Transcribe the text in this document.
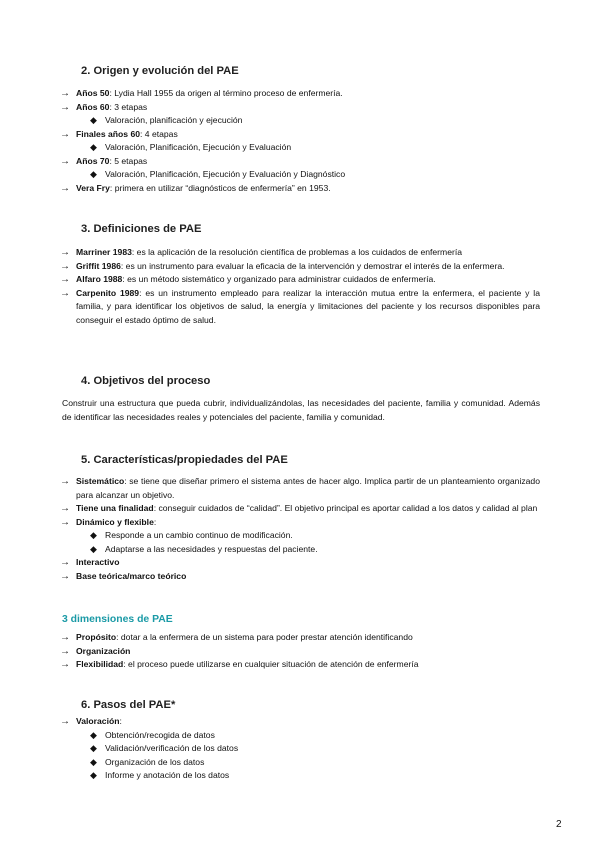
2. Origen y evolución del PAE
→ Años 50: Lydia Hall 1955 da origen al término proceso de enfermería.
→ Años 60: 3 etapas
◆ Valoración, planificación y ejecución
→ Finales años 60: 4 etapas
◆ Valoración, Planificación, Ejecución y Evaluación
→ Años 70: 5 etapas
◆ Valoración, Planificación, Ejecución y Evaluación y Diagnóstico
→ Vera Fry: primera en utilizar “diagnósticos de enfermería” en 1953.
3. Definiciones de PAE
→ Marriner 1983: es la aplicación de la resolución científica de problemas a los cuidados de enfermería
→ Griffit 1986: es un instrumento para evaluar la eficacia de la intervención y demostrar el interés de la enfermera.
→ Alfaro 1988: es un método sistemático y organizado para administrar cuidados de enfermería.
→ Carpenito 1989: es un instrumento empleado para realizar la interacción mutua entre la enfermera, el paciente y la familia, y para identificar los objetivos de salud, la energía y limitaciones del paciente y los recursos disponibles para conseguir el estado óptimo de salud.
4. Objetivos del proceso
Construir una estructura que pueda cubrir, individualizándolas, las necesidades del paciente, familia y comunidad. Además de identificar las necesidades reales y potenciales del paciente, familia y comunidad.
5. Características/propiedades del PAE
→ Sistemático: se tiene que diseñar primero el sistema antes de hacer algo. Implica partir de un planteamiento organizado para alcanzar un objetivo.
→ Tiene una finalidad: conseguir cuidados de “calidad”. El objetivo principal es aportar calidad a los datos y calidad al plan
→ Dinámico y flexible:
◆ Responde a un cambio continuo de modificación.
◆ Adaptarse a las necesidades y respuestas del paciente.
→ Interactivo
→ Base teórica/marco teórico
3 dimensiones de PAE
→ Propósito: dotar a la enfermera de un sistema para poder prestar atención identificando
→ Organización
→ Flexibilidad: el proceso puede utilizarse en cualquier situación de atención de enfermería
6. Pasos del PAE*
→ Valoración:
◆ Obtención/recogida de datos
◆ Validación/verificación de los datos
◆ Organización de los datos
◆ Informe y anotación de los datos
2
